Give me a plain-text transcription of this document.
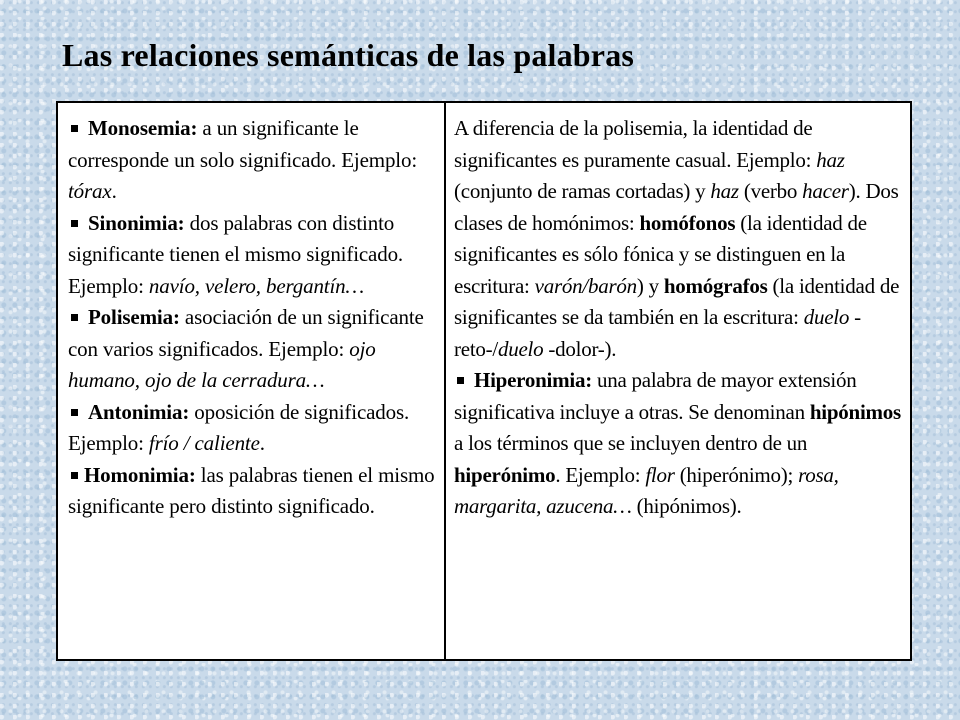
Las relaciones semánticas de las palabras
Monosemia: a un significante le corresponde un solo significado. Ejemplo: tórax.
Sinonimia: dos palabras con distinto significante tienen el mismo significado. Ejemplo: navío, velero, bergantín…
Polisemia: asociación de un significante con varios significados. Ejemplo: ojo humano, ojo de la cerradura…
Antonimia: oposición de significados. Ejemplo: frío / caliente.
Homonimia: las palabras tienen el mismo significante pero distinto significado.
A diferencia de la polisemia, la identidad de significantes es puramente casual. Ejemplo: haz (conjunto de ramas cortadas) y haz (verbo hacer). Dos clases de homónimos: homófonos (la identidad de significantes es sólo fónica y se distinguen en la escritura: varón/barón) y homógrafos (la identidad de significantes se da también en la escritura: duelo -reto-/duelo -dolor-).
Hiperonimia: una palabra de mayor extensión significativa incluye a otras. Se denominan hipónimos a los términos que se incluyen dentro de un hiperónimo. Ejemplo: flor (hiperónimo); rosa, margarita, azucena… (hipónimos).
